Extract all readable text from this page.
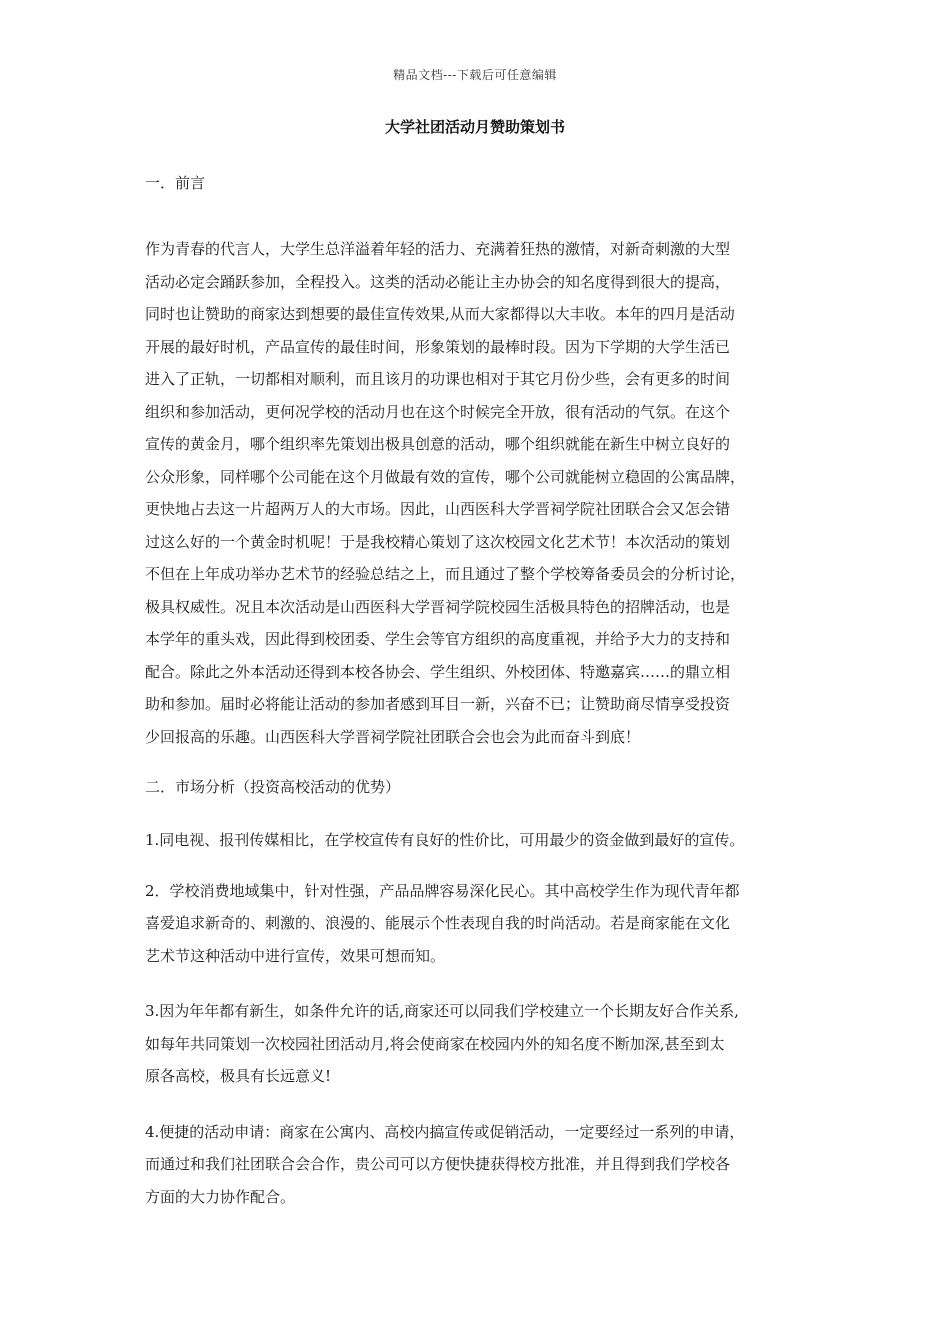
精品文档---下载后可任意编辑
大学社团活动月赞助策划书
一．前言
作为青春的代言人，大学生总洋溢着年轻的活力、充满着狂热的激情，对新奇刺激的大型
活动必定会踊跃参加，全程投入。这类的活动必能让主办协会的知名度得到很大的提高，
同时也让赞助的商家达到想要的最佳宣传效果,从而大家都得以大丰收。本年的四月是活动
开展的最好时机，产品宣传的最佳时间，形象策划的最棒时段。因为下学期的大学生活已
进入了正轨，一切都相对顺利，而且该月的功课也相对于其它月份少些，会有更多的时间
组织和参加活动，更何况学校的活动月也在这个时候完全开放，很有活动的气氛。在这个
宣传的黄金月，哪个组织率先策划出极具创意的活动，哪个组织就能在新生中树立良好的
公众形象，同样哪个公司能在这个月做最有效的宣传，哪个公司就能树立稳固的公寓品牌，
更快地占去这一片超两万人的大市场。因此，山西医科大学晋祠学院社团联合会又怎会错
过这么好的一个黄金时机呢！于是我校精心策划了这次校园文化艺术节！本次活动的策划
不但在上年成功举办艺术节的经验总结之上，而且通过了整个学校筹备委员会的分析讨论，
极具权威性。况且本次活动是山西医科大学晋祠学院校园生活极具特色的招牌活动，也是
本学年的重头戏，因此得到校团委、学生会等官方组织的高度重视，并给予大力的支持和
配合。除此之外本活动还得到本校各协会、学生组织、外校团体、特邀嘉宾……的鼎立相
助和参加。届时必将能让活动的参加者感到耳目一新，兴奋不已；让赞助商尽情享受投资
少回报高的乐趣。山西医科大学晋祠学院社团联合会也会为此而奋斗到底！
二．市场分析（投资高校活动的优势）
1.同电视、报刊传媒相比，在学校宣传有良好的性价比，可用最少的资金做到最好的宣传。
2．学校消费地域集中，针对性强，产品品牌容易深化民心。其中高校学生作为现代青年都
喜爱追求新奇的、刺激的、浪漫的、能展示个性表现自我的时尚活动。若是商家能在文化
艺术节这种活动中进行宣传，效果可想而知。
3.因为年年都有新生，如条件允许的话,商家还可以同我们学校建立一个长期友好合作关系,
如每年共同策划一次校园社团活动月,将会使商家在校园内外的知名度不断加深,甚至到太
原各高校，极具有长远意义!
4.便捷的活动申请：商家在公寓内、高校内搞宣传或促销活动，一定要经过一系列的申请，
而通过和我们社团联合会合作，贵公司可以方便快捷获得校方批准，并且得到我们学校各
方面的大力协作配合。
